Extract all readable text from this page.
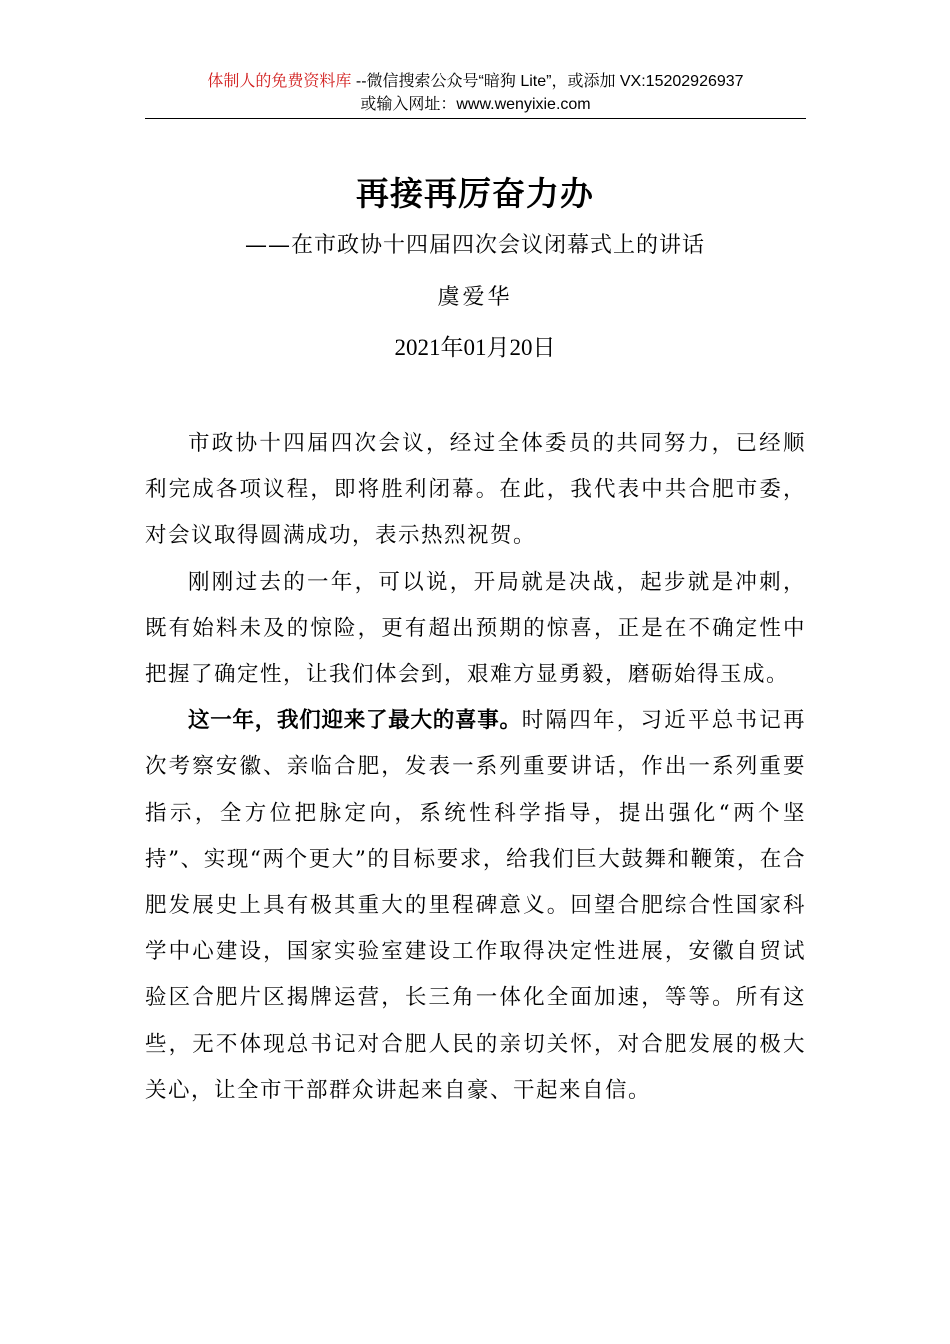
体制人的免费资料库 --微信搜索公众号“暗狗 Lite”，或添加 VX:15202926937
或输入网址：www.wenyixie.com
再接再厉奋力办
——在市政协十四届四次会议闭幕式上的讲话
虞爱华
2021年01月20日

市政协十四届四次会议，经过全体委员的共同努力，已经顺利完成各项议程，即将胜利闭幕。在此，我代表中共合肥市委，对会议取得圆满成功，表示热烈祝贺。

刚刚过去的一年，可以说，开局就是决战，起步就是冲刺，既有始料未及的惊险，更有超出预期的惊喜，正是在不确定性中把握了确定性，让我们体会到，艰难方显勇毅，磨砺始得玉成。

这一年，我们迎来了最大的喜事。时隔四年，习近平总书记再次考察安徽、亲临合肥，发表一系列重要讲话，作出一系列重要指示，全方位把脉定向，系统性科学指导，提出强化“两个坚持”、实现“两个更大”的目标要求，给我们巨大鼓舞和鞭策，在合肥发展史上具有极其重大的里程碑意义。回望合肥综合性国家科学中心建设，国家实验室建设工作取得决定性进展，安徽自贸试验区合肥片区揭牌运营，长三角一体化全面加速，等等。所有这些，无不体现总书记对合肥人民的亲切关怀，对合肥发展的极大关心，让全市干部群众讲起来自豪、干起来自信。
